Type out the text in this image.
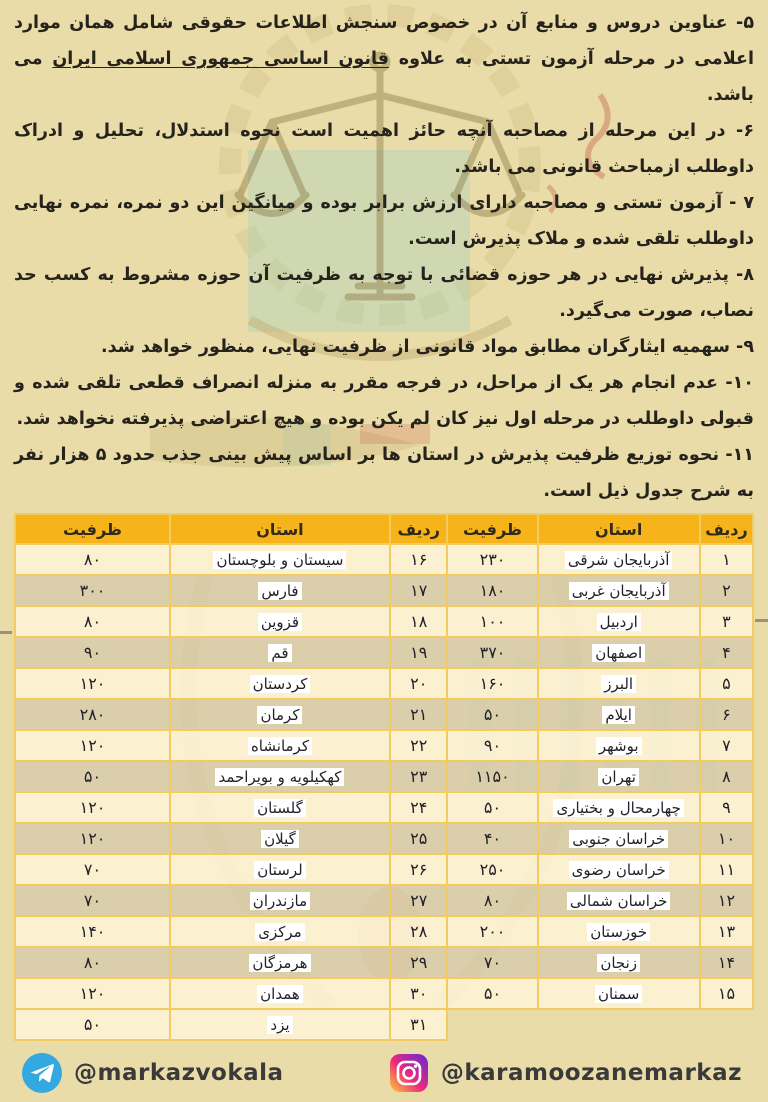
۵- عناوین دروس و منابع آن در خصوص سنجش اطلاعات حقوقی شامل همان موارد اعلامی در مرحله آزمون تستی به علاوه قانون اساسی جمهوری اسلامی ایران می باشد.

۶- در این مرحله از مصاحبه آنچه حائز اهمیت است نحوه استدلال، تحلیل و ادراک داوطلب ازمباحث قانونی می باشد.

۷ - آزمون تستی و مصاحبه دارای ارزش برابر بوده و میانگین این دو نمره، نمره نهایی داوطلب تلقی شده و ملاک پذیرش است.

۸- پذیرش نهایی در هر حوزه قضائی با توجه به ظرفیت آن حوزه مشروط به کسب حد نصاب، صورت می‌گیرد.

۹- سهمیه ایثارگران مطابق مواد قانونی از ظرفیت نهایی، منظور خواهد شد.

۱۰- عدم انجام هر یک از مراحل، در فرجه مقرر به منزله انصراف قطعی تلقی شده و قبولی داوطلب در مرحله اول نیز کان لم یکن بوده و هیچ اعتراضی پذیرفته نخواهد شد.

۱۱- نحوه توزیع ظرفیت پذیرش در استان ها بر اساس پیش بینی جذب حدود ۵ هزار نفر به شرح جدول ذیل است.

ردیف	استان	ظرفیت	ردیف	استان	ظرفیت
۱	آذربایجان شرقی	۲۳۰	۱۶	سیستان و بلوچستان	۸۰
۲	آذربایجان غربی	۱۸۰	۱۷	فارس	۳۰۰
۳	اردبیل	۱۰۰	۱۸	قزوین	۸۰
۴	اصفهان	۳۷۰	۱۹	قم	۹۰
۵	البرز	۱۶۰	۲۰	کردستان	۱۲۰
۶	ایلام	۵۰	۲۱	کرمان	۲۸۰
۷	بوشهر	۹۰	۲۲	کرمانشاه	۱۲۰
۸	تهران	۱۱۵۰	۲۳	کهکیلویه و بویراحمد	۵۰
۹	چهارمحال و بختیاری	۵۰	۲۴	گلستان	۱۲۰
۱۰	خراسان جنوبی	۴۰	۲۵	گیلان	۱۲۰
۱۱	خراسان رضوی	۲۵۰	۲۶	لرستان	۷۰
۱۲	خراسان شمالی	۸۰	۲۷	مازندران	۷۰
۱۳	خوزستان	۲۰۰	۲۸	مرکزی	۱۴۰
۱۴	زنجان	۷۰	۲۹	هرمزگان	۸۰
۱۵	سمنان	۵۰	۳۰	همدان	۱۲۰
			۳۱	یزد	۵۰
@markazvokala	@karamoozanemarkaz
